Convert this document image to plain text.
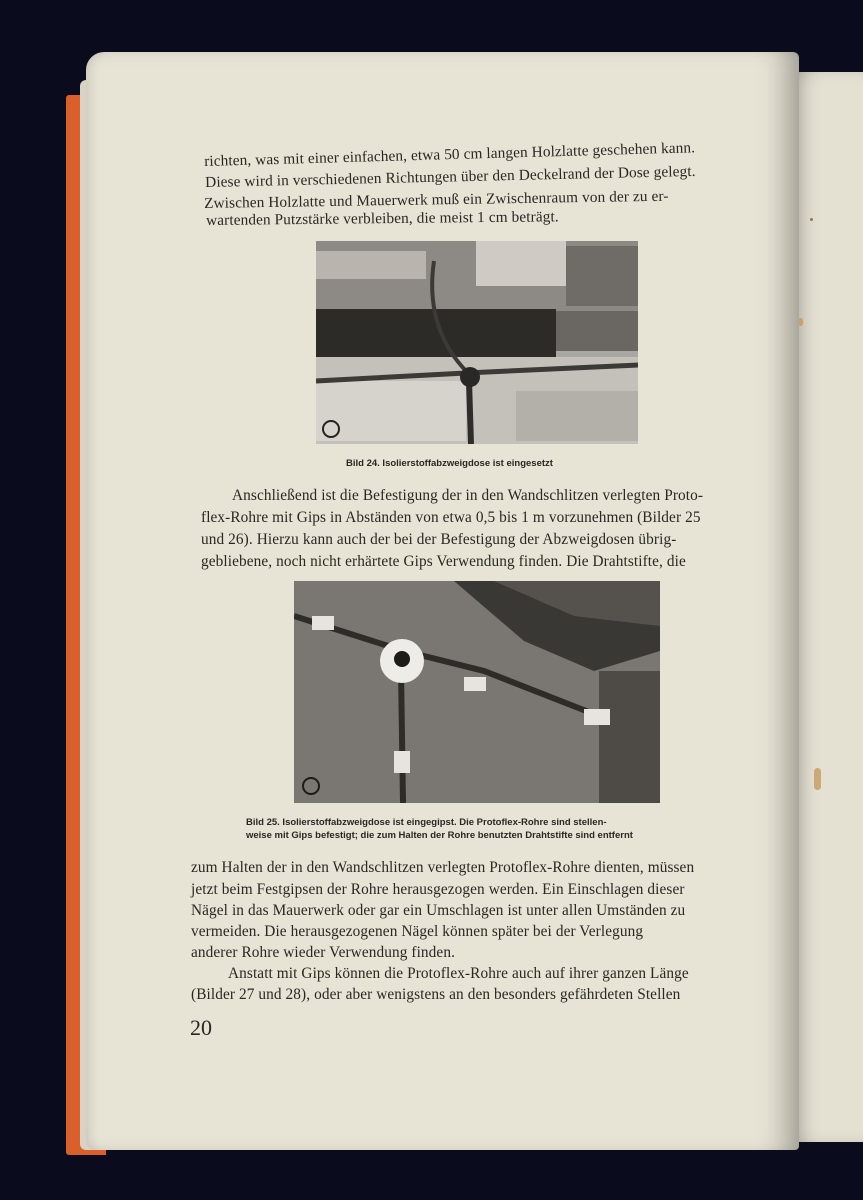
richten, was mit einer einfachen, etwa 50 cm langen Holzlatte geschehen kann.
Diese wird in verschiedenen Richtungen über den Deckelrand der Dose gelegt.
Zwischen Holzlatte und Mauerwerk muß ein Zwischenraum von der zu er-
wartenden Putzstärke verbleiben, die meist 1 cm beträgt.
Bild 24. Isolierstoffabzweigdose ist eingesetzt
Anschließend ist die Befestigung der in den Wandschlitzen verlegten Proto-
flex-Rohre mit Gips in Abständen von etwa 0,5 bis 1 m vorzunehmen (Bilder 25
und 26). Hierzu kann auch der bei der Befestigung der Abzweigdosen übrig-
gebliebene, noch nicht erhärtete Gips Verwendung finden. Die Drahtstifte, die
Bild 25. Isolierstoffabzweigdose ist eingegipst. Die Protoflex-Rohre sind stellen-
weise mit Gips befestigt; die zum Halten der Rohre benutzten Drahtstifte sind entfernt
zum Halten der in den Wandschlitzen verlegten Protoflex-Rohre dienten, müssen
jetzt beim Festgipsen der Rohre herausgezogen werden. Ein Einschlagen dieser
Nägel in das Mauerwerk oder gar ein Umschlagen ist unter allen Umständen zu
vermeiden. Die herausgezogenen Nägel können später bei der Verlegung
anderer Rohre wieder Verwendung finden.
Anstatt mit Gips können die Protoflex-Rohre auch auf ihrer ganzen Länge
(Bilder 27 und 28), oder aber wenigstens an den besonders gefährdeten Stellen
20
